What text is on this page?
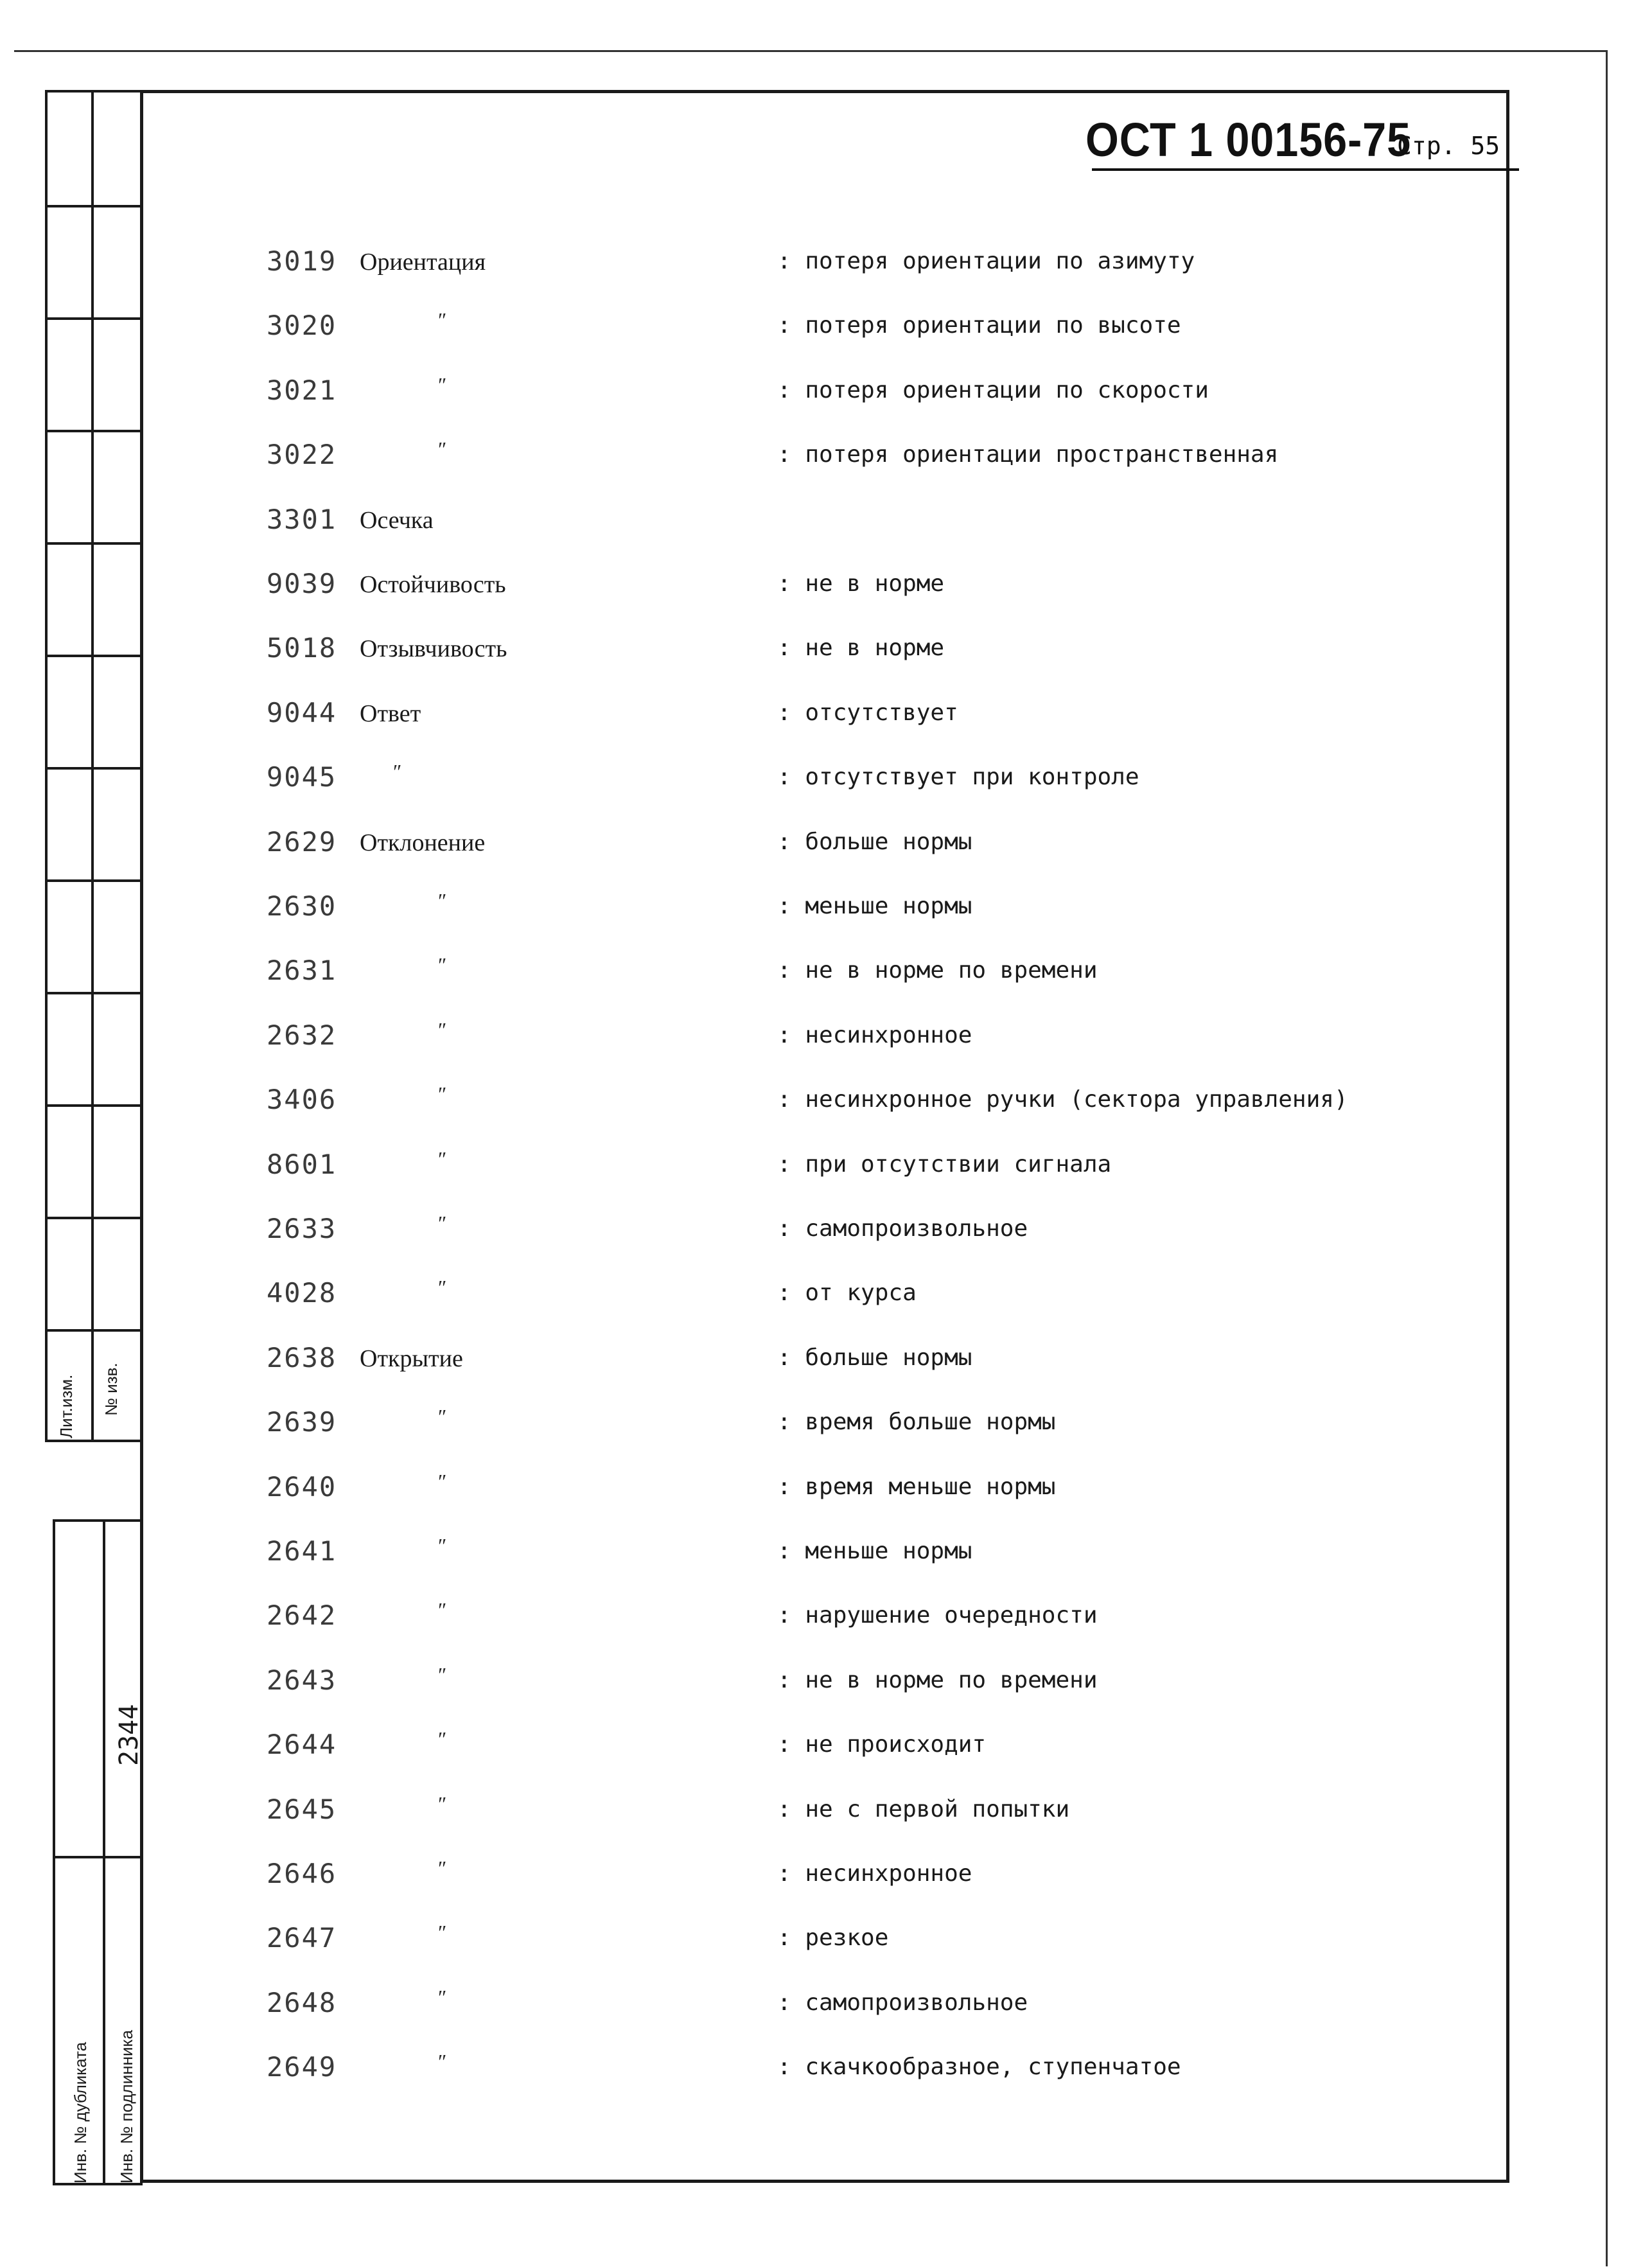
Лит.изм. № изв.
2344
Инв. № дубликата Инв. № подлинника
ОСТ 1 00156-75
Стр. 55
3019 Ориентация	: потеря ориентации по азимуту
3020	″	: потеря ориентации по высоте
3021	″	: потеря ориентации по скорости
3022	″	: потеря ориентации пространственная
3301 Осечка
9039 Остойчивость	: не в норме
5018 Отзывчивость	: не в норме
9044 Ответ	: отсутствует
9045	″	: отсутствует при контроле
2629 Отклонение	: больше нормы
2630	″	: меньше нормы
2631	″	: не в норме по времени
2632	″	: несинхронное
3406	″	: несинхронное ручки (сектора управления)
8601	″	: при отсутствии сигнала
2633	″	: самопроизвольное
4028	″	: от курса
2638 Открытие	: больше нормы
2639	″	: время больше нормы
2640	″	: время меньше нормы
2641	″	: меньше нормы
2642	″	: нарушение очередности
2643	″	: не в норме по времени
2644	″	: не происходит
2645	″	: не с первой попытки
2646	″	: несинхронное
2647	″	: резкое
2648	″	: самопроизвольное
2649	″	: скачкообразное, ступенчатое
